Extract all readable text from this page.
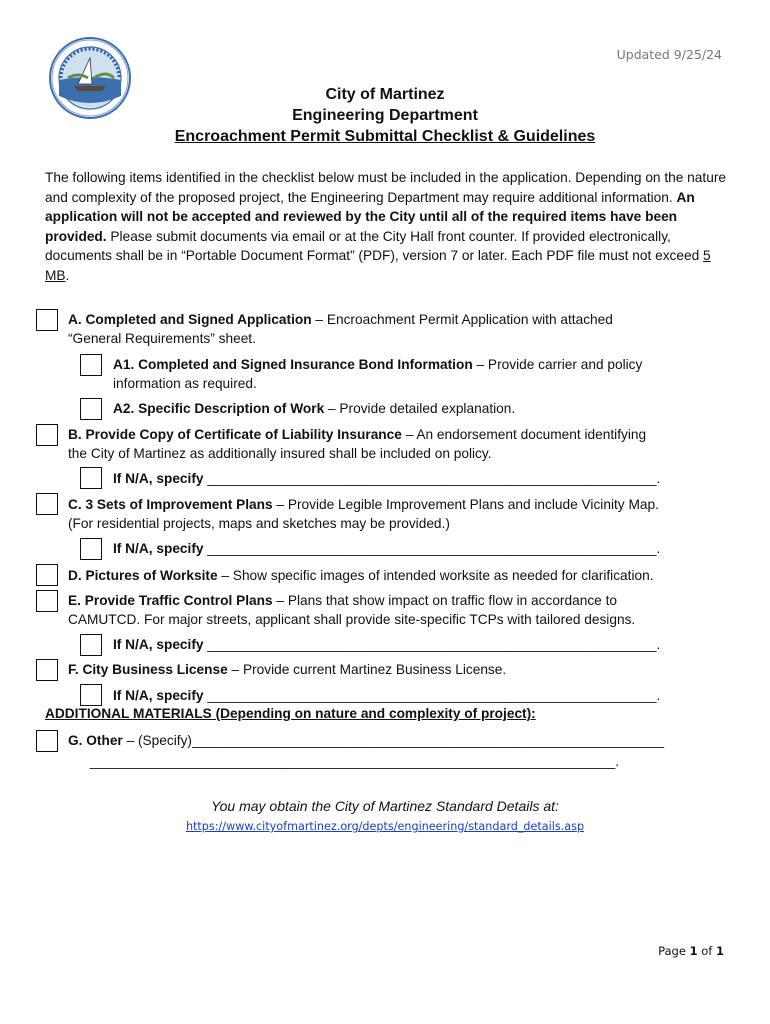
Updated 9/25/24
City of Martinez
Engineering Department
Encroachment Permit Submittal Checklist & Guidelines
The following items identified in the checklist below must be included in the application. Depending on the nature and complexity of the proposed project, the Engineering Department may require additional information. An application will not be accepted and reviewed by the City until all of the required items have been provided. Please submit documents via email or at the City Hall front counter. If provided electronically, documents shall be in “Portable Document Format” (PDF), version 7 or later. Each PDF file must not exceed 5 MB.
A. Completed and Signed Application – Encroachment Permit Application with attached
“General Requirements” sheet.
A1. Completed and Signed Insurance Bond Information – Provide carrier and policy
information as required.
A2. Specific Description of Work – Provide detailed explanation.
B. Provide Copy of Certificate of Liability Insurance – An endorsement document identifying
the City of Martinez as additionally insured shall be included on policy.
If N/A, specify ___________________________________________________________.
C. 3 Sets of Improvement Plans – Provide Legible Improvement Plans and include Vicinity Map.
(For residential projects, maps and sketches may be provided.)
If N/A, specify ___________________________________________________________.
D. Pictures of Worksite – Show specific images of intended worksite as needed for clarification.
E. Provide Traffic Control Plans – Plans that show impact on traffic flow in accordance to
CAMUTCD. For major streets, applicant shall provide site-specific TCPs with tailored designs.
If N/A, specify ___________________________________________________________.
F. City Business License – Provide current Martinez Business License.
If N/A, specify ___________________________________________________________.
ADDITIONAL MATERIALS (Depending on nature and complexity of project):
G. Other – (Specify)______________________________________________________________
_____________________________________________________________________.
You may obtain the City of Martinez Standard Details at:
https://www.cityofmartinez.org/depts/engineering/standard_details.asp
Page 1 of 1
